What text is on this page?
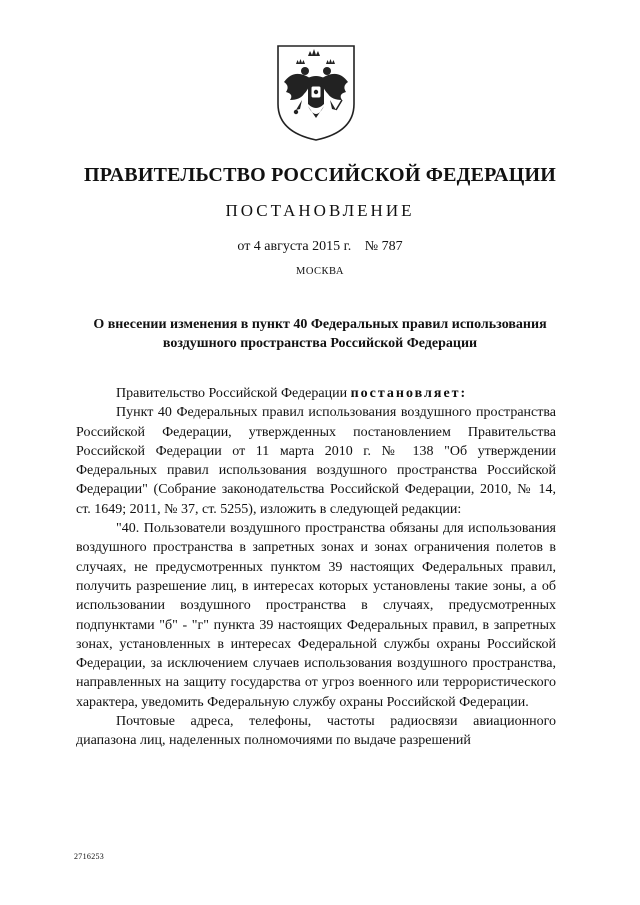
ПРАВИТЕЛЬСТВО РОССИЙСКОЙ ФЕДЕРАЦИИ
ПОСТАНОВЛЕНИЕ
от 4 августа 2015 г. № 787
МОСКВА
О внесении изменения в пункт 40 Федеральных правил использования воздушного пространства Российской Федерации

Правительство Российской Федерации постановляет:

Пункт 40 Федеральных правил использования воздушного пространства Российской Федерации, утвержденных постановлением Правительства Российской Федерации от 11 марта 2010 г. № 138 "Об утверждении Федеральных правил использования воздушного пространства Российской Федерации" (Собрание законодательства Российской Федерации, 2010, № 14, ст. 1649; 2011, № 37, ст. 5255), изложить в следующей редакции:

"40. Пользователи воздушного пространства обязаны для использования воздушного пространства в запретных зонах и зонах ограничения полетов в случаях, не предусмотренных пунктом 39 настоящих Федеральных правил, получить разрешение лиц, в интересах которых установлены такие зоны, а об использовании воздушного пространства в случаях, предусмотренных подпунктами "б" - "г" пункта 39 настоящих Федеральных правил, в запретных зонах, установленных в интересах Федеральной службы охраны Российской Федерации, за исключением случаев использования воздушного пространства, направленных на защиту государства от угроз военного или террористического характера, уведомить Федеральную службу охраны Российской Федерации.

Почтовые адреса, телефоны, частоты радиосвязи авиационного диапазона лиц, наделенных полномочиями по выдаче разрешений

2716253
